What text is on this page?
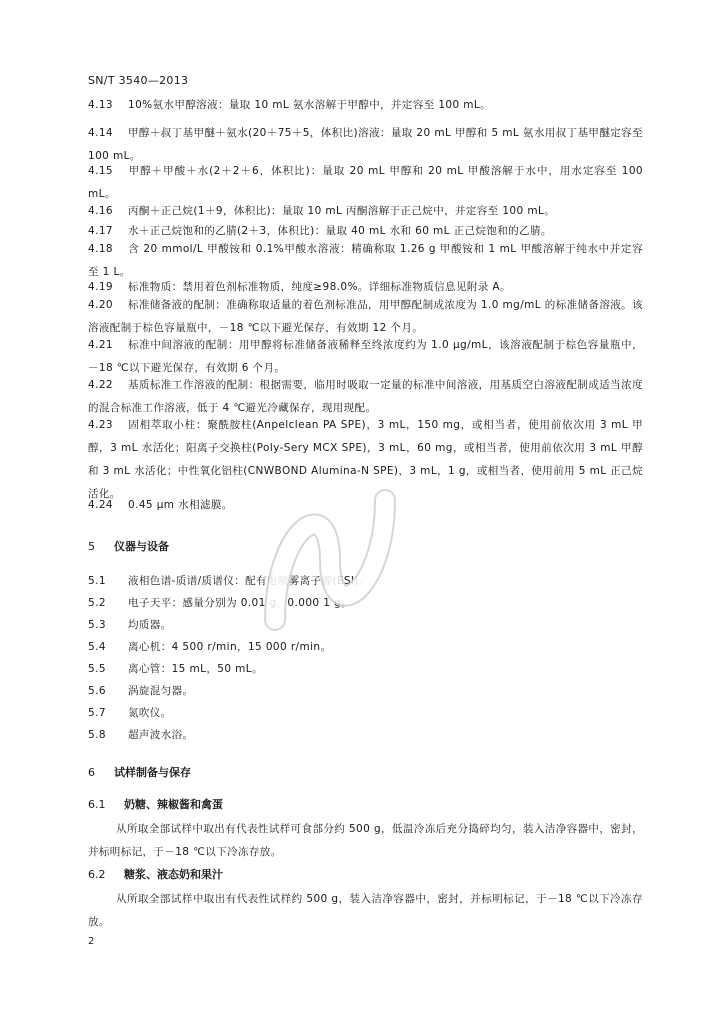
SN/T 3540—2013
4.13 10%氨水甲醇溶液：量取 10 mL 氨水溶解于甲醇中，并定容至 100 mL。
4.14 甲醇＋叔丁基甲醚＋氨水(20＋75＋5，体积比)溶液：量取 20 mL 甲醇和 5 mL 氨水用叔丁基甲醚定容至 100 mL。
4.15 甲醇＋甲酸＋水(2＋2＋6，体积比)：量取 20 mL 甲醇和 20 mL 甲酸溶解于水中，用水定容至 100 mL。
4.16 丙酮＋正己烷(1＋9，体积比)：量取 10 mL 丙酮溶解于正己烷中，并定容至 100 mL。
4.17 水＋正己烷饱和的乙腈(2＋3，体积比)：量取 40 mL 水和 60 mL 正己烷饱和的乙腈。
4.18 含 20 mmol/L 甲酸铵和 0.1%甲酸水溶液：精确称取 1.26 g 甲酸铵和 1 mL 甲酸溶解于纯水中并定容至 1 L。
4.19 标准物质：禁用着色剂标准物质，纯度≥98.0%。详细标准物质信息见附录 A。
4.20 标准储备液的配制：准确称取适量的着色剂标准品，用甲醇配制成浓度为 1.0 mg/mL 的标准储备溶液。该溶液配制于棕色容量瓶中，－18 ℃以下避光保存，有效期 12 个月。
4.21 标准中间溶液的配制：用甲醇将标准储备液稀释至终浓度约为 1.0 μg/mL，该溶液配制于棕色容量瓶中，－18 ℃以下避光保存，有效期 6 个月。
4.22 基质标准工作溶液的配制：根据需要，临用时吸取一定量的标准中间溶液，用基质空白溶液配制成适当浓度的混合标准工作溶液，低于 4 ℃避光冷藏保存，现用现配。
4.23 固相萃取小柱：聚酰胺柱(Anpelclean PA SPE)，3 mL，150 mg，或相当者，使用前依次用 3 mL 甲醇，3 mL 水活化；阳离子交换柱(Poly-Sery MCX SPE)，3 mL，60 mg，或相当者，使用前依次用 3 mL 甲醇和 3 mL 水活化；中性氧化铝柱(CNWBOND Alumina-N SPE)，3 mL，1 g，或相当者，使用前用 5 mL 正己烷活化。
4.24 0.45 μm 水相滤膜。
5 仪器与设备
5.1 液相色谱-质谱/质谱仪：配有电喷雾离子源(ESI)。
5.2 电子天平：感量分别为 0.01 g，0.000 1 g。
5.3 均质器。
5.4 离心机：4 500 r/min，15 000 r/min。
5.5 离心管：15 mL，50 mL。
5.6 涡旋混匀器。
5.7 氮吹仪。
5.8 超声波水浴。
6 试样制备与保存
6.1 奶糖、辣椒酱和禽蛋
从所取全部试样中取出有代表性试样可食部分约 500 g，低温冷冻后充分捣碎均匀，装入洁净容器中，密封，并标明标记，于－18 ℃以下冷冻存放。
6.2 糖浆、液态奶和果汁
从所取全部试样中取出有代表性试样约 500 g，装入洁净容器中，密封，并标明标记，于－18 ℃以下冷冻存放。
2
